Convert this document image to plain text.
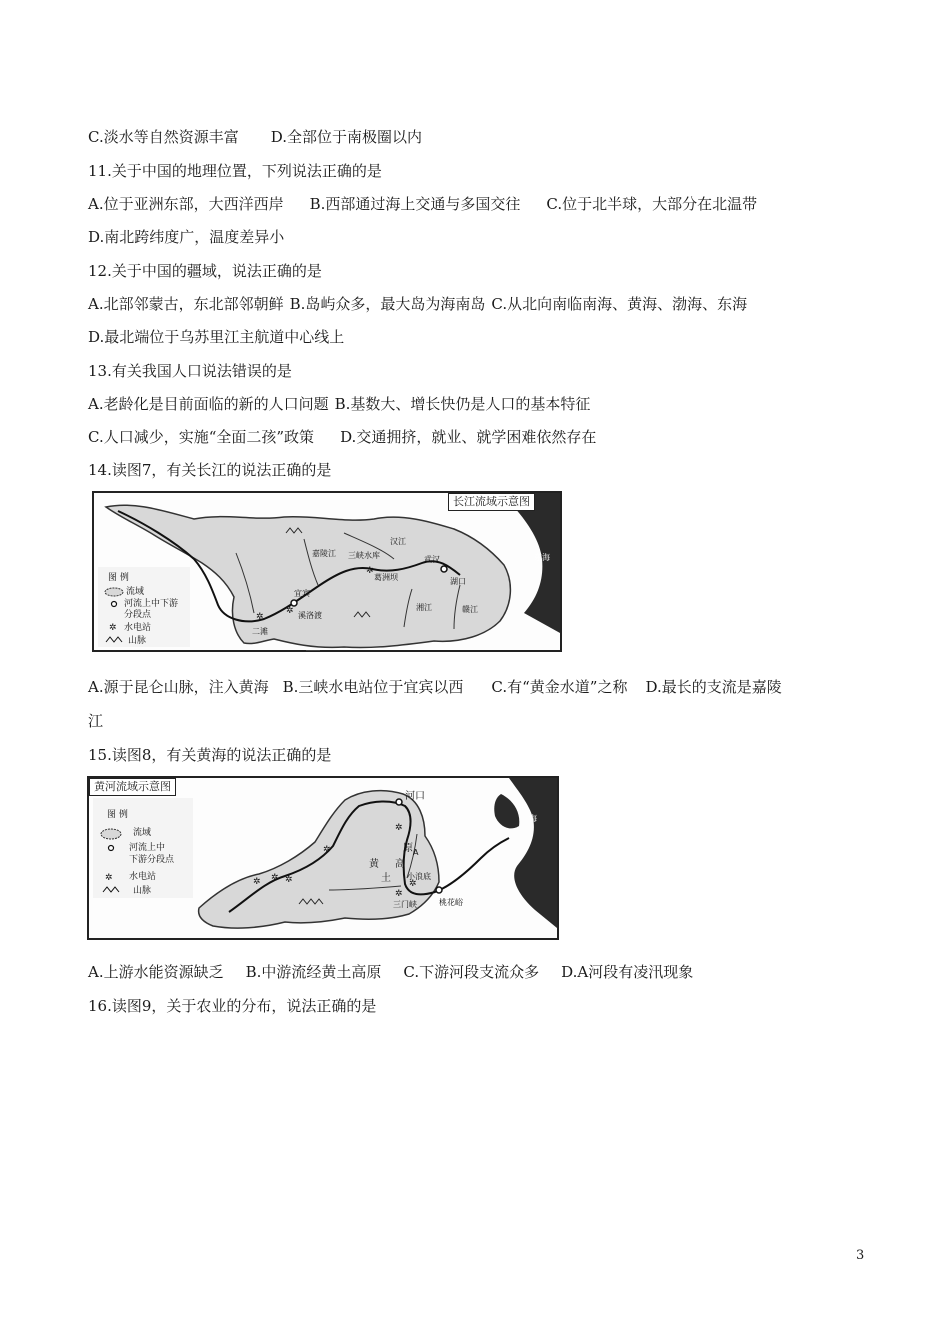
C.淡水等自然资源丰富 D.全部位于南极圈以内
11.关于中国的地理位置，下列说法正确的是
A.位于亚洲东部，大西洋西岸 B.西部通过海上交通与多国交往 C.位于北半球，大部分在北温带
D.南北跨纬度广，温度差异小
12.关于中国的疆域，说法正确的是
A.北部邻蒙古，东北部邻朝鲜 B.岛屿众多，最大岛为海南岛 C.从北向南临南海、黄海、渤海、东海
D.最北端位于乌苏里江主航道中心线上
13.有关我国人口说法错误的是
A.老龄化是目前面临的新的人口问题 B.基数大、增长快仍是人口的基本特征
C.人口减少，实施“全面二孩”政策 D.交通拥挤，就业、就学困难依然存在
14.读图7，有关长江的说法正确的是
✲
✲
✲
✲
长江流域示意图
图 例
流域
河流上中下游
分段点
水电站
山脉
嘉陵江
汉江
三峡水库
葛洲坝
武汉
湖口
宜宾
溪洛渡
二滩
湘江	赣江
东海
A.源于昆仑山脉，注入黄海 B.三峡水电站位于宜宾以西 C.有“黄金水道”之称 D.最长的支流是嘉陵
江
15.读图8，有关黄海的说法正确的是
✲ ✲ ✲
✲
✲
✲
✲
✲
黄河流域示意图
图 例
流域
河流上中
下游分段点
水电站
山脉
河口
A
黄
土
高
原
小浪底
三门峡	桃花峪
渤
海
A.上游水能资源缺乏 B.中游流经黄土高原 C.下游河段支流众多 D.A河段有凌汛现象
16.读图9，关于农业的分布，说法正确的是
3
